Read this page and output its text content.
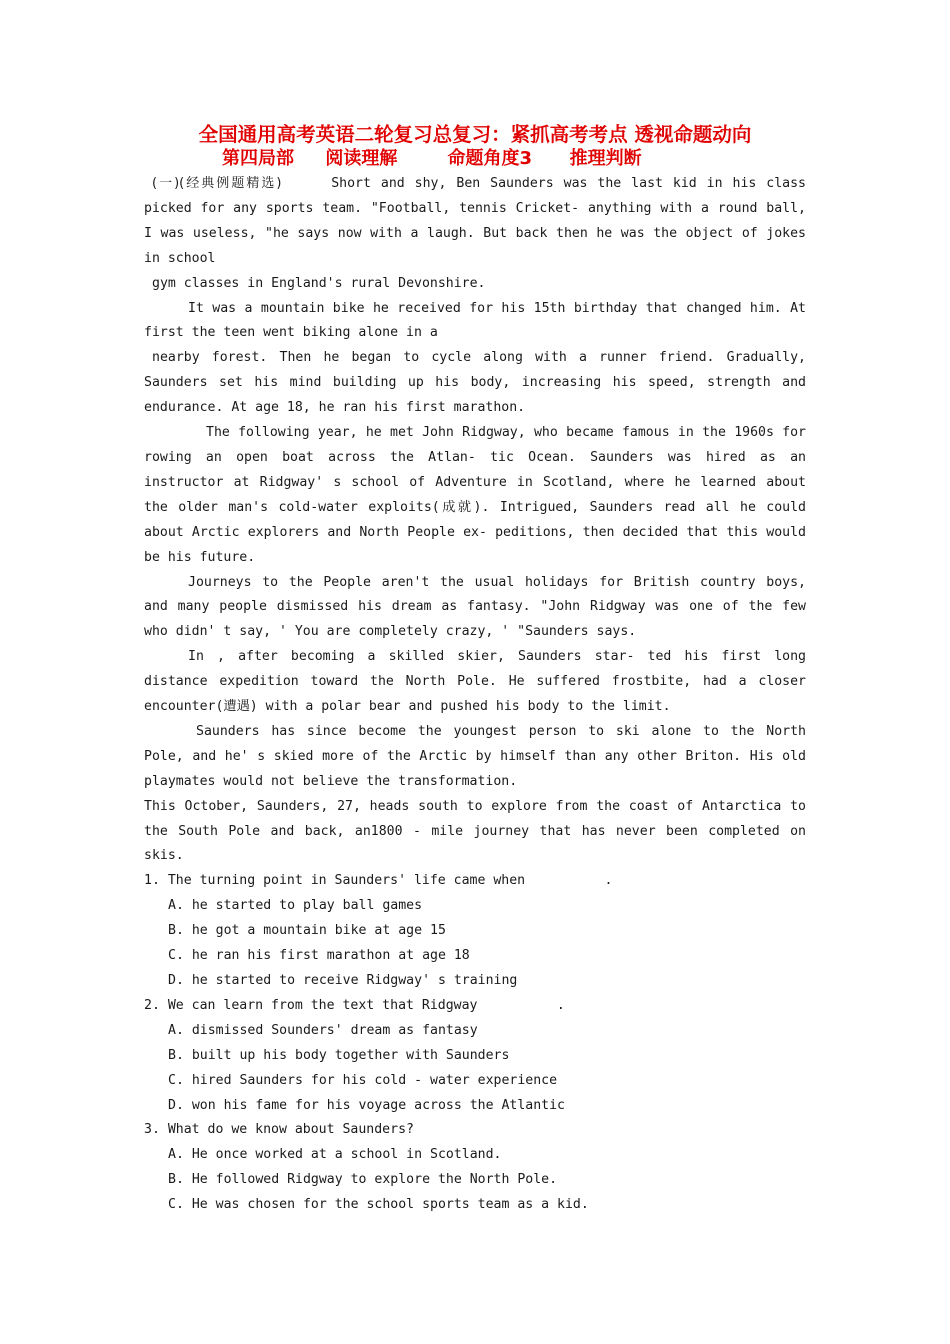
全国通用高考英语二轮复习总复习：紧抓高考考点 透视命题动向
第四局部     阅读理解        命题角度3      推理判断

(一)(经典例题精选)     Short and shy, Ben Saunders was the last kid in his class picked for any sports team. "Football, tennis Cricket- anything with a round ball, I was useless, "he says now with a laugh. But back then he was the object of jokes in school

gym classes in England's rural Devonshire.

It was a mountain bike he received for his 15th birthday that changed him. At first the teen went biking alone in a

nearby forest. Then he began to cycle along with a runner friend. Gradually, Saunders set his mind building up his body, increasing his speed, strength and endurance. At age 18, he ran his first marathon.

The following year, he met John Ridgway, who became famous in the 1960s for rowing an open boat across the Atlan- tic Ocean. Saunders was hired as an instructor at Ridgway' s school of Adventure in Scotland, where he learned about the older man's cold-water exploits(成就). Intrigued, Saunders read all he could about Arctic explorers and North People ex- peditions, then decided that this would be his future.

Journeys to the People aren't the usual holidays for British country boys, and many people dismissed his dream as fantasy. "John Ridgway was one of the few who didn' t say, ' You are completely crazy, ' "Saunders says.

In , after becoming a skilled skier, Saunders star- ted his first long distance expedition toward the North Pole. He suffered frostbite, had a closer encounter(遭遇) with a polar bear and pushed his body to the limit.

Saunders has since become the youngest person to ski alone to the North Pole, and he' s skied more of the Arctic by himself than any other Briton. His old playmates would not believe the transformation.

This October, Saunders, 27, heads south to explore from the coast of Antarctica to the South Pole and back, an1800 - mile journey that has never been completed on skis.

1. The turning point in Saunders' life came when          .

A. he started to play ball games

B. he got a mountain bike at age 15

C. he ran his first marathon at age 18

D. he started to receive Ridgway' s training

2. We can learn from the text that Ridgway          .

A. dismissed Sounders' dream as fantasy

B. built up his body together with Saunders

C. hired Saunders for his cold - water experience

D. won his fame for his voyage across the Atlantic

3. What do we know about Saunders?

A. He once worked at a school in Scotland.

B. He followed Ridgway to explore the North Pole.

C. He was chosen for the school sports team as a kid.
